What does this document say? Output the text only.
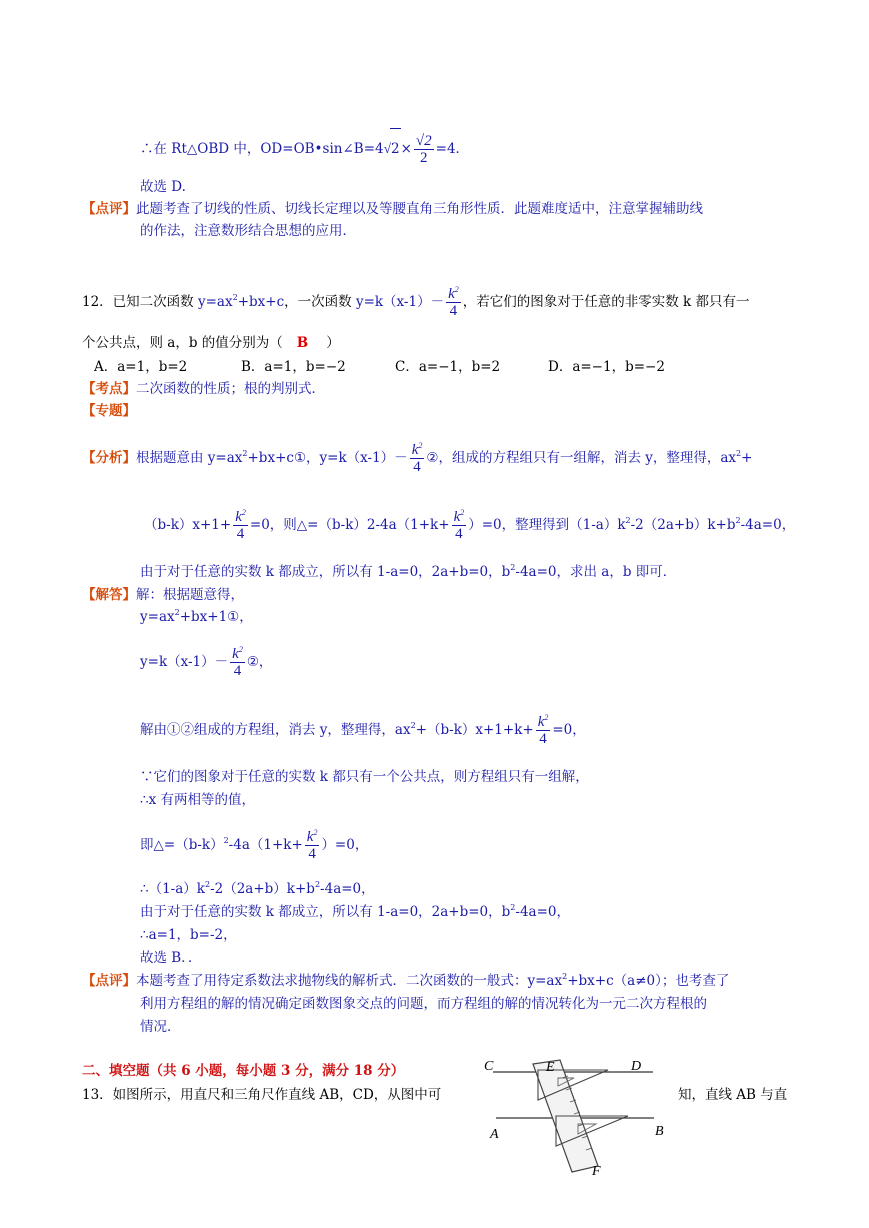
∴在 Rt△OBD 中，OD=OB•sin∠B=4√2× $\frac{√2}{2} =4$．
故选 D.
【点评】此题考查了切线的性质、切线长定理以及等腰直角三角形性质．此题难度适中，注意掌握辅助线
的作法，注意数形结合思想的应用．
12．已知二次函数 $y=ax^2+bx+c$，一次函数 $y=k(x-1)- \frac{k^2}{4}$ ，若它们的图象对于任意的非零实数 k 都只有一
个公共点，则 a，b 的值分别为（ B ）
A．a=1，b=2	B．a=1，b=−2	C．a=−1，b=2	D．a=−1，b=−2
【考点】二次函数的性质；根的判别式．
【专题】
【分析】根据题意由 $y=ax^2+bx+c①$，$y=k(x-1)- \frac{k^2}{4}$ ②，组成的方程组只有一组解，消去 y，整理得，$ax^2+$
$(b-k)x+1+ \frac{k^2}{4} =0$，则△=（b-k）2-4a（1+k+ $\frac{k^2}{4} )=0$，整理得到$(1-a)k^2-2(2a+b)k+b^2-4a=0$，
由于对于任意的实数 k 都成立，所以有 1-a=0，2a+b=0，$b^2-4a=0$，求出 a，b 即可．
【解答】解：根据题意得，
$y=ax^2+bx+1①$，
$y=k(x-1)- \frac{k^2}{4}$ ②，
解由①②组成的方程组，消去 y，整理得，$ax^2+(b-k)x+1+k+ \frac{k^2}{4} =0$，
∵它们的图象对于任意的实数 k 都只有一个公共点，则方程组只有一组解，
∴x 有两相等的值，
即$\triangle=(b-k)^2-4a(1+k+ \frac{k^2}{4} )=0$，
$\therefore(1-a)k^2-2(2a+b)k+b^2-4a=0$，
由于对于任意的实数 k 都成立，所以有 1-a=0，2a+b=0，$b^2-4a=0$，
∴a=1，b=-2，
故选 B．．
【点评】本题考查了用待定系数法求抛物线的解析式．二次函数的一般式：$y=ax^2+bx+c(a\ne 0)$；也考查了
利用方程组的解的情况确定函数图象交点的问题，而方程组的解的情况转化为一元二次方程根的
情况．
二、填空题（共 6 小题，每小题 3 分，满分 18 分）
13．如图所示，用直尺和三角尺作直线 AB，CD，从图中可	知，直线 AB 与直
C	E	D
A	B
F
